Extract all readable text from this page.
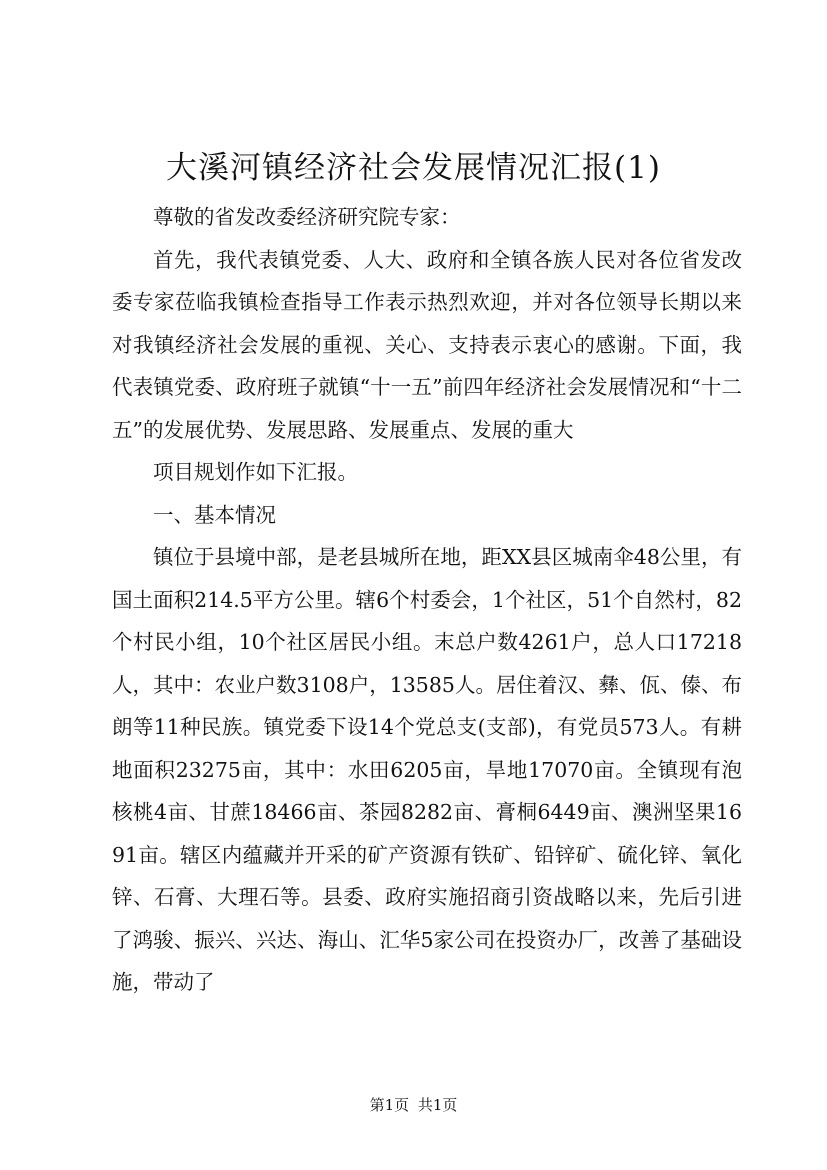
大溪河镇经济社会发展情况汇报(1)

尊敬的省发改委经济研究院专家：

首先，我代表镇党委、人大、政府和全镇各族人民对各位省发改委专家莅临我镇检查指导工作表示热烈欢迎，并对各位领导长期以来对我镇经济社会发展的重视、关心、支持表示衷心的感谢。下面，我代表镇党委、政府班子就镇“十一五”前四年经济社会发展情况和“十二五”的发展优势、发展思路、发展重点、发展的重大

项目规划作如下汇报。

一、基本情况

镇位于县境中部，是老县城所在地，距XX县区城南伞48公里，有国土面积214.5平方公里。辖6个村委会，1个社区，51个自然村，82个村民小组，10个社区居民小组。末总户数4261户，总人口17218人，其中：农业户数3108户，13585人。居住着汉、彝、佤、傣、布朗等11种民族。镇党委下设14个党总支(支部)，有党员573人。有耕地面积23275亩，其中：水田6205亩，旱地17070亩。全镇现有泡核桃4亩、甘蔗18466亩、茶园8282亩、膏桐6449亩、澳洲坚果1691亩。辖区内蕴藏并开采的矿产资源有铁矿、铅锌矿、硫化锌、氧化锌、石膏、大理石等。县委、政府实施招商引资战略以来，先后引进了鸿骏、振兴、兴达、海山、汇华5家公司在投资办厂，改善了基础设施，带动了

第1页 共1页
